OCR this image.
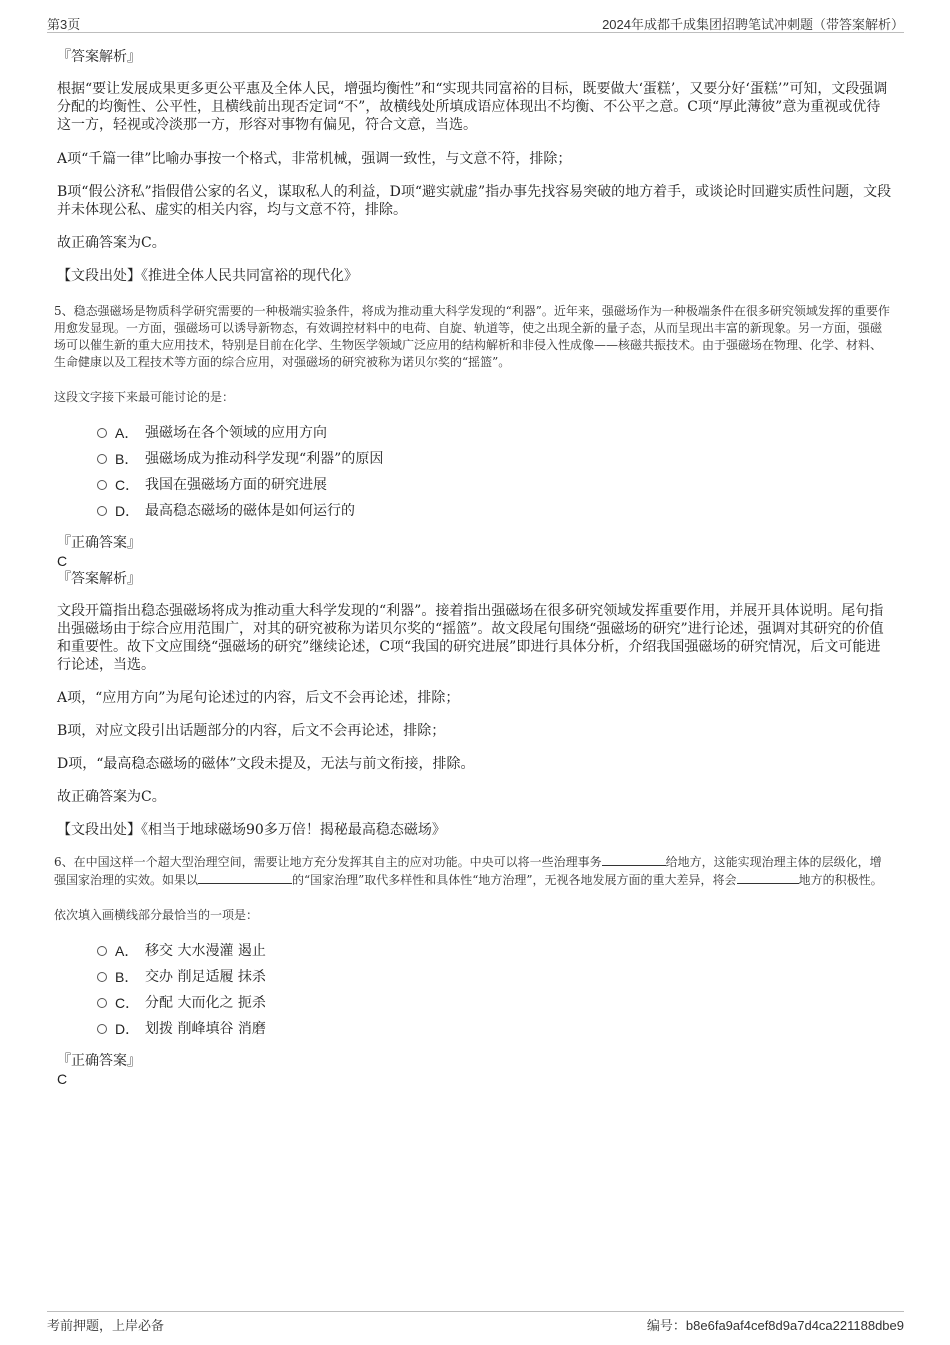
第3页	2024年成都千成集团招聘笔试冲刺题（带答案解析）

『答案解析』

根据“要让发展成果更多更公平惠及全体人民，增强均衡性”和“实现共同富裕的目标，既要做大‘蛋糕’，又要分好‘蛋糕’”可知，文段强调分配的均衡性、公平性，且横线前出现否定词“不”，故横线处所填成语应体现出不均衡、不公平之意。C项“厚此薄彼”意为重视或优待这一方，轻视或冷淡那一方，形容对事物有偏见，符合文意，当选。

A项“千篇一律”比喻办事按一个格式，非常机械，强调一致性，与文意不符，排除；

B项“假公济私”指假借公家的名义，谋取私人的利益，D项“避实就虚”指办事先找容易突破的地方着手，或谈论时回避实质性问题，文段并未体现公私、虚实的相关内容，均与文意不符，排除。

故正确答案为C。

【文段出处】《推进全体人民共同富裕的现代化》

5、稳态强磁场是物质科学研究需要的一种极端实验条件，将成为推动重大科学发现的“利器”。近年来，强磁场作为一种极端条件在很多研究领域发挥的重要作用愈发显现。一方面，强磁场可以诱导新物态，有效调控材料中的电荷、自旋、轨道等，使之出现全新的量子态，从而呈现出丰富的新现象。另一方面，强磁场可以催生新的重大应用技术，特别是目前在化学、生物医学领域广泛应用的结构解析和非侵入性成像——核磁共振技术。由于强磁场在物理、化学、材料、生命健康以及工程技术等方面的综合应用，对强磁场的研究被称为诺贝尔奖的“摇篮”。

这段文字接下来最可能讨论的是：

A． 强磁场在各个领域的应用方向
B． 强磁场成为推动科学发现“利器”的原因
C． 我国在强磁场方面的研究进展
D． 最高稳态磁场的磁体是如何运行的

『正确答案』

C

『答案解析』

文段开篇指出稳态强磁场将成为推动重大科学发现的“利器”。接着指出强磁场在很多研究领域发挥重要作用，并展开具体说明。尾句指出强磁场由于综合应用范围广，对其的研究被称为诺贝尔奖的“摇篮”。故文段尾句围绕“强磁场的研究”进行论述，强调对其研究的价值和重要性。故下文应围绕“强磁场的研究”继续论述，C项“我国的研究进展”即进行具体分析，介绍我国强磁场的研究情况，后文可能进行论述，当选。

A项，“应用方向”为尾句论述过的内容，后文不会再论述，排除；

B项，对应文段引出话题部分的内容，后文不会再论述，排除；

D项，“最高稳态磁场的磁体”文段未提及，无法与前文衔接，排除。

故正确答案为C。

【文段出处】《相当于地球磁场90多万倍！揭秘最高稳态磁场》

6、在中国这样一个超大型治理空间，需要让地方充分发挥其自主的应对功能。中央可以将一些治理事务	给地方，这能实现治理主体的层级化，增强国家治理的实效。如果以	的“国家治理”取代多样性和具体性“地方治理”，无视各地发展方面的重大差异，将会	地方的积极性。

依次填入画横线部分最恰当的一项是：

A． 移交 大水漫灌 遏止
B． 交办 削足适履 抹杀
C． 分配 大而化之 扼杀
D． 划拨 削峰填谷 消磨

『正确答案』

C

考前押题，上岸必备	编号：b8e6fa9af4cef8d9a7d4ca221188dbe9
